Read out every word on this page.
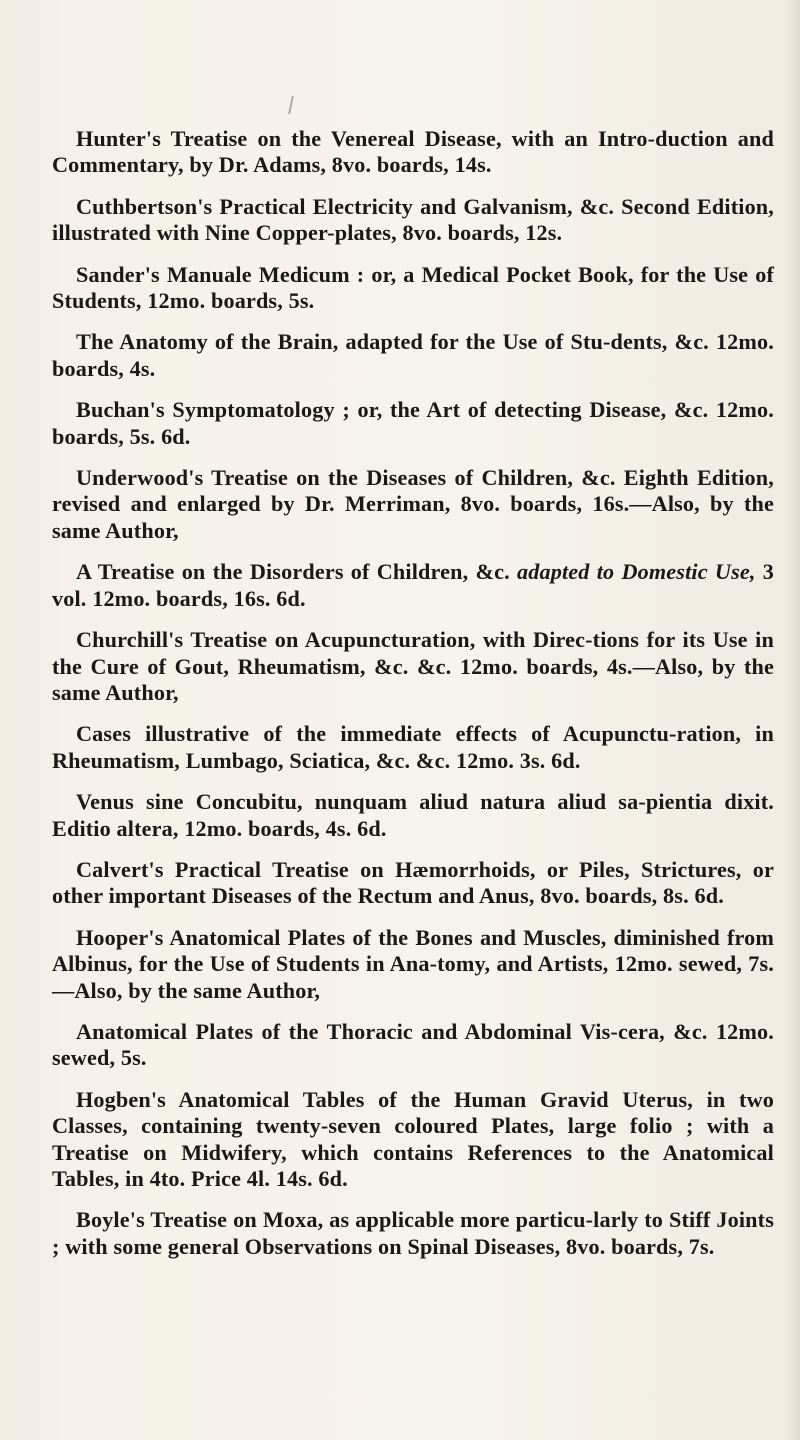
Hunter's Treatise on the Venereal Disease, with an Intro-duction and Commentary, by Dr. Adams, 8vo. boards, 14s.

Cuthbertson's Practical Electricity and Galvanism, &c. Second Edition, illustrated with Nine Copper-plates, 8vo. boards, 12s.

Sander's Manuale Medicum : or, a Medical Pocket Book, for the Use of Students, 12mo. boards, 5s.

The Anatomy of the Brain, adapted for the Use of Stu-dents, &c. 12mo. boards, 4s.

Buchan's Symptomatology ; or, the Art of detecting Disease, &c. 12mo. boards, 5s. 6d.

Underwood's Treatise on the Diseases of Children, &c. Eighth Edition, revised and enlarged by Dr. Merriman, 8vo. boards, 16s.—Also, by the same Author,

A Treatise on the Disorders of Children, &c. adapted to Domestic Use, 3 vol. 12mo. boards, 16s. 6d.

Churchill's Treatise on Acupuncturation, with Direc-tions for its Use in the Cure of Gout, Rheumatism, &c. &c. 12mo. boards, 4s.—Also, by the same Author,

Cases illustrative of the immediate effects of Acupunctu-ration, in Rheumatism, Lumbago, Sciatica, &c. &c. 12mo. 3s. 6d.

Venus sine Concubitu, nunquam aliud natura aliud sa-pientia dixit. Editio altera, 12mo. boards, 4s. 6d.

Calvert's Practical Treatise on Hæmorrhoids, or Piles, Strictures, or other important Diseases of the Rectum and Anus, 8vo. boards, 8s. 6d.

Hooper's Anatomical Plates of the Bones and Muscles, diminished from Albinus, for the Use of Students in Ana-tomy, and Artists, 12mo. sewed, 7s.—Also, by the same Author,

Anatomical Plates of the Thoracic and Abdominal Vis-cera, &c. 12mo. sewed, 5s.

Hogben's Anatomical Tables of the Human Gravid Uterus, in two Classes, containing twenty-seven coloured Plates, large folio ; with a Treatise on Midwifery, which contains References to the Anatomical Tables, in 4to. Price 4l. 14s. 6d.

Boyle's Treatise on Moxa, as applicable more particu-larly to Stiff Joints ; with some general Observations on Spinal Diseases, 8vo. boards, 7s.
